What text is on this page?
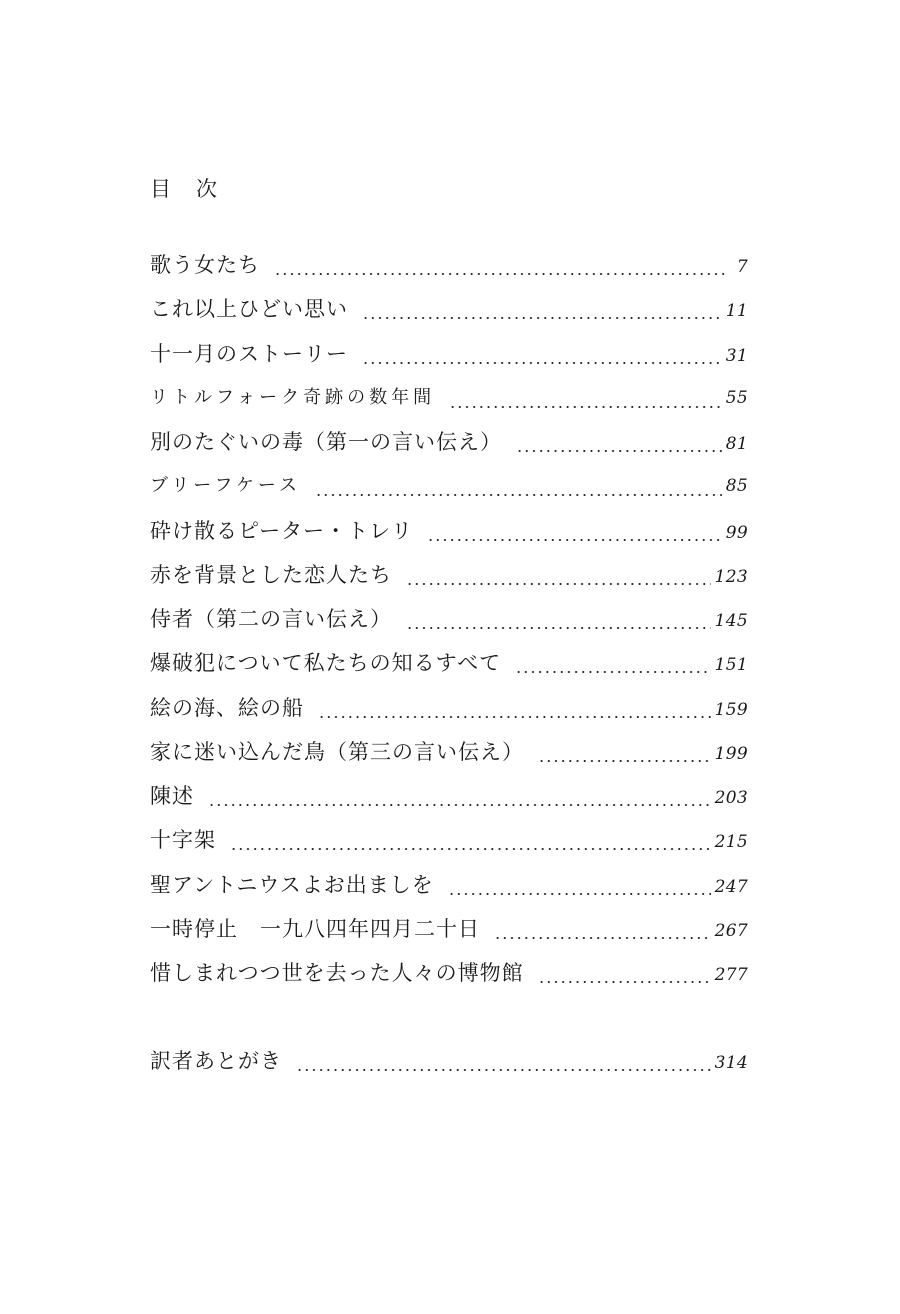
目　次
歌う女たち	7
これ以上ひどい思い	11
十一月のストーリー	31
リトルフォーク奇跡の数年間	55
別のたぐいの毒（第一の言い伝え）	81
ブリーフケース	85
砕け散るピーター・トレリ	99
赤を背景とした恋人たち	123
侍者（第二の言い伝え）	145
爆破犯について私たちの知るすべて	151
絵の海、絵の船	159
家に迷い込んだ鳥（第三の言い伝え）	199
陳述	203
十字架	215
聖アントニウスよお出ましを	247
一時停止　一九八四年四月二十日	267
惜しまれつつ世を去った人々の博物館	277
訳者あとがき	314
